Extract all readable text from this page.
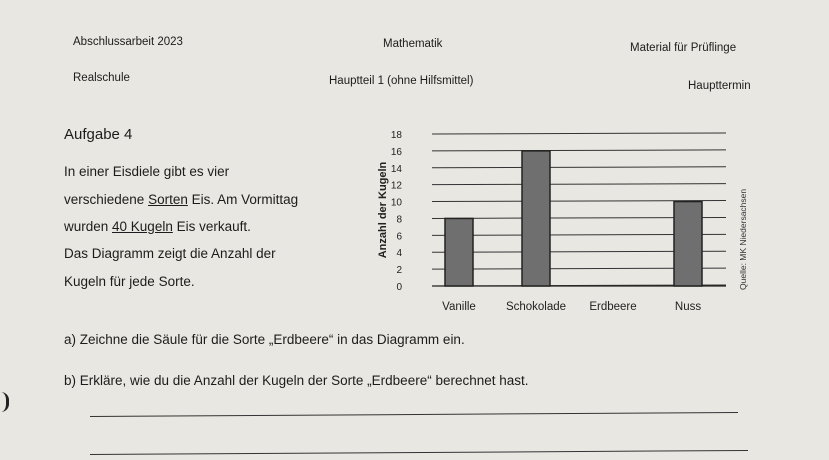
Abschlussarbeit 2023	Mathematik	Material für Prüflinge
Realschule	Hauptteil 1 (ohne Hilfsmittel)	Haupttermin
Aufgabe 4
In einer Eisdiele gibt es vier
verschiedene Sorten Eis. Am Vormittag
wurden 40 Kugeln Eis verkauft.
Das Diagramm zeigt die Anzahl der
Kugeln für jede Sorte.	0
2
4
6
8
10
12
14
16
18
Anzahl der Kugeln
Vanille	Schokolade Erdbeere	Nuss
Quelle: MK Niedersachsen
a) Zeichne die Säule für die Sorte „Erdbeere“ in das Diagramm ein.
b) Erkläre, wie du die Anzahl der Kugeln der Sorte „Erdbeere“ berechnet hast.
